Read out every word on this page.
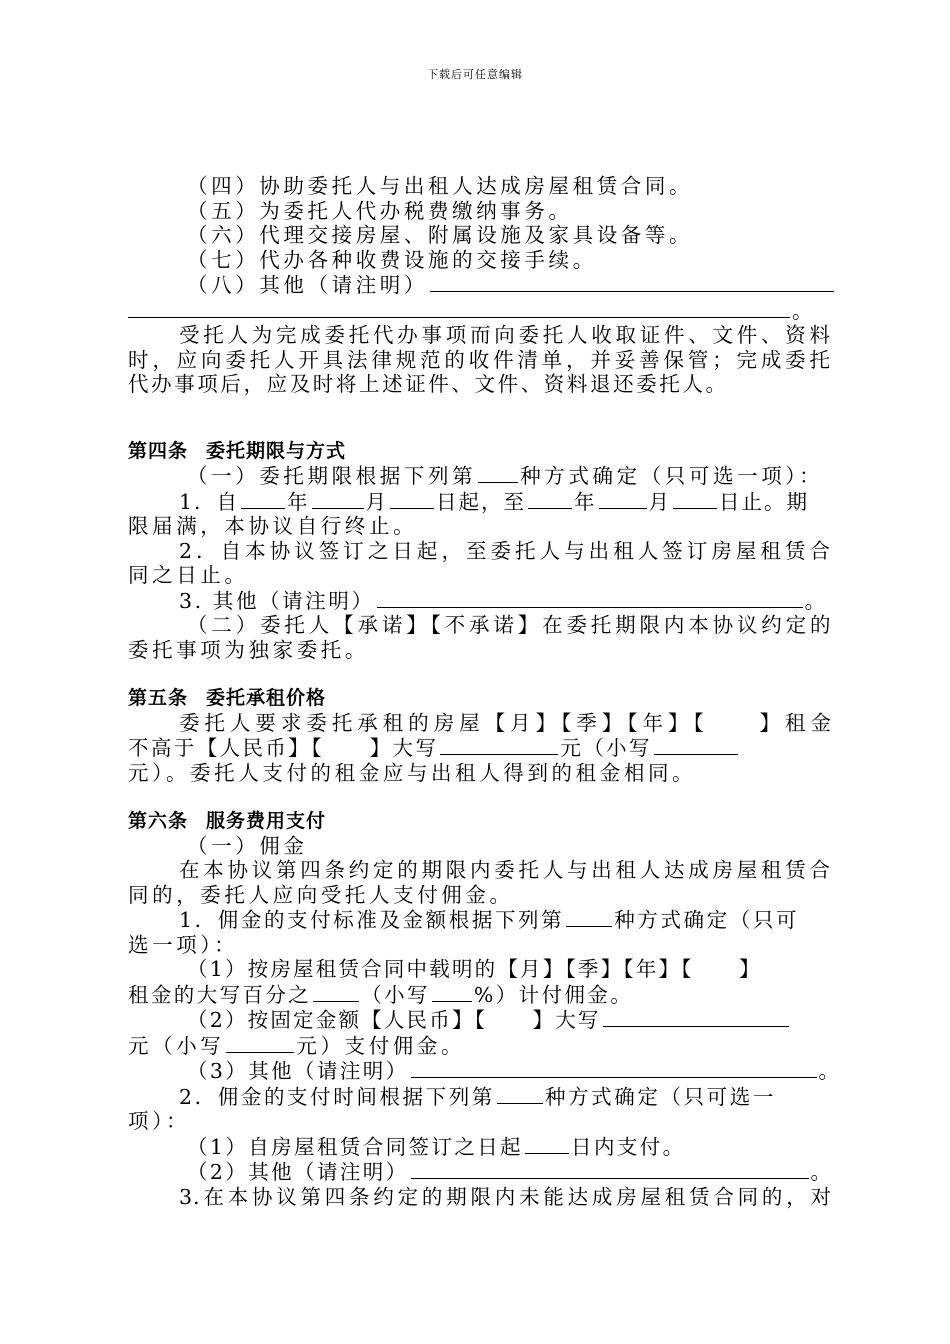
下载后可任意编辑
（四）协助委托人与出租人达成房屋租赁合同。
（五）为委托人代办税费缴纳事务。
（六）代理交接房屋、附属设施及家具设备等。
（七）代办各种收费设施的交接手续。
（八）其他（请注明）
。
受托人为完成委托代办事项而向委托人收取证件、文件、资料
时，应向委托人开具法律规范的收件清单，并妥善保管；完成委托
代办事项后，应及时将上述证件、文件、资料退还委托人。
第四条 委托期限与方式
（一）委托期限根据下列第 种方式确定（只可选一项）：
1．自 年	月 日起，至 年	月 日止。期
限届满，本协议自行终止。
2．自本协议签订之日起，至委托人与出租人签订房屋租赁合
同之日止。
3. 其他（请注明）	。
（二）委托人【承诺】【不承诺】在委托期限内本协议约定的
委托事项为独家委托。
第五条 委托承租价格
委托人要求委托承租的房屋【月】【季】【年】【　　】租金
不高于【人民币】【　　】大写	元（小写
元）。委托人支付的租金应与出租人得到的租金相同。
第六条 服务费用支付
（一）佣金
在本协议第四条约定的期限内委托人与出租人达成房屋租赁合
同的，委托人应向受托人支付佣金。
1．佣金的支付标准及金额根据下列第 种方式确定（只可
选一项）：
（1）按房屋租赁合同中载明的【月】【季】【年】【　　】
租金的大写百分之 （小写 %）计付佣金。
（2）按固定金额【人民币】【　　】大写
元（小写	元）支付佣金。
（3）其他（请注明）	。
2．佣金的支付时间根据下列第 种方式确定（只可选一
项）：
（1）自房屋租赁合同签订之日起 日内支付。
（2）其他（请注明）	。
3.在本协议第四条约定的期限内未能达成房屋租赁合同的，对
